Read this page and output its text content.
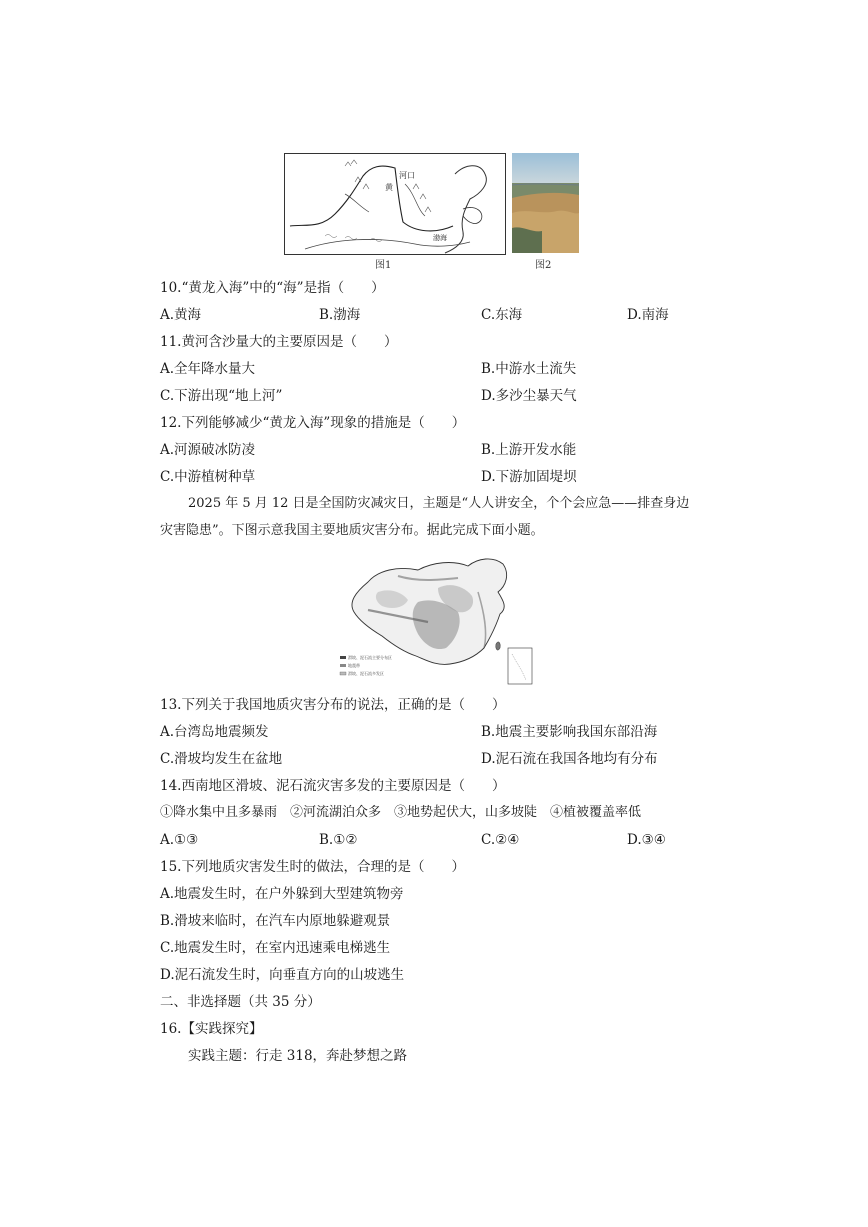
河口
黄
渤海
图1	图2
10.“黄龙入海”中的“海”是指（　　）
A.黄海	B.渤海	C.东海	D.南海
11.黄河含沙量大的主要原因是（　　）
A.全年降水量大	B.中游水土流失
C.下游出现“地上河”	D.多沙尘暴天气
12.下列能够减少“黄龙入海”现象的措施是（　　）
A.河源破冰防凌	B.上游开发水能
C.中游植树种草	D.下游加固堤坝
2025 年 5 月 12 日是全国防灾减灾日，主题是“人人讲安全，个个会应急——排查身边
灾害隐患”。下图示意我国主要地质灾害分布。据此完成下面小题。
滑坡、泥石流主要分布区
地震带
滑坡、泥石流多发区
13.下列关于我国地质灾害分布的说法，正确的是（　　）
A.台湾岛地震频发	B.地震主要影响我国东部沿海
C.滑坡均发生在盆地	D.泥石流在我国各地均有分布
14.西南地区滑坡、泥石流灾害多发的主要原因是（　　）
①降水集中且多暴雨　②河流湖泊众多　③地势起伏大，山多坡陡　④植被覆盖率低
A.①③	B.①②	C.②④	D.③④
15.下列地质灾害发生时的做法，合理的是（　　）
A.地震发生时，在户外躲到大型建筑物旁
B.滑坡来临时，在汽车内原地躲避观景
C.地震发生时，在室内迅速乘电梯逃生
D.泥石流发生时，向垂直方向的山坡逃生
二、非选择题（共 35 分）
16.【实践探究】
实践主题：行走 318，奔赴梦想之路
